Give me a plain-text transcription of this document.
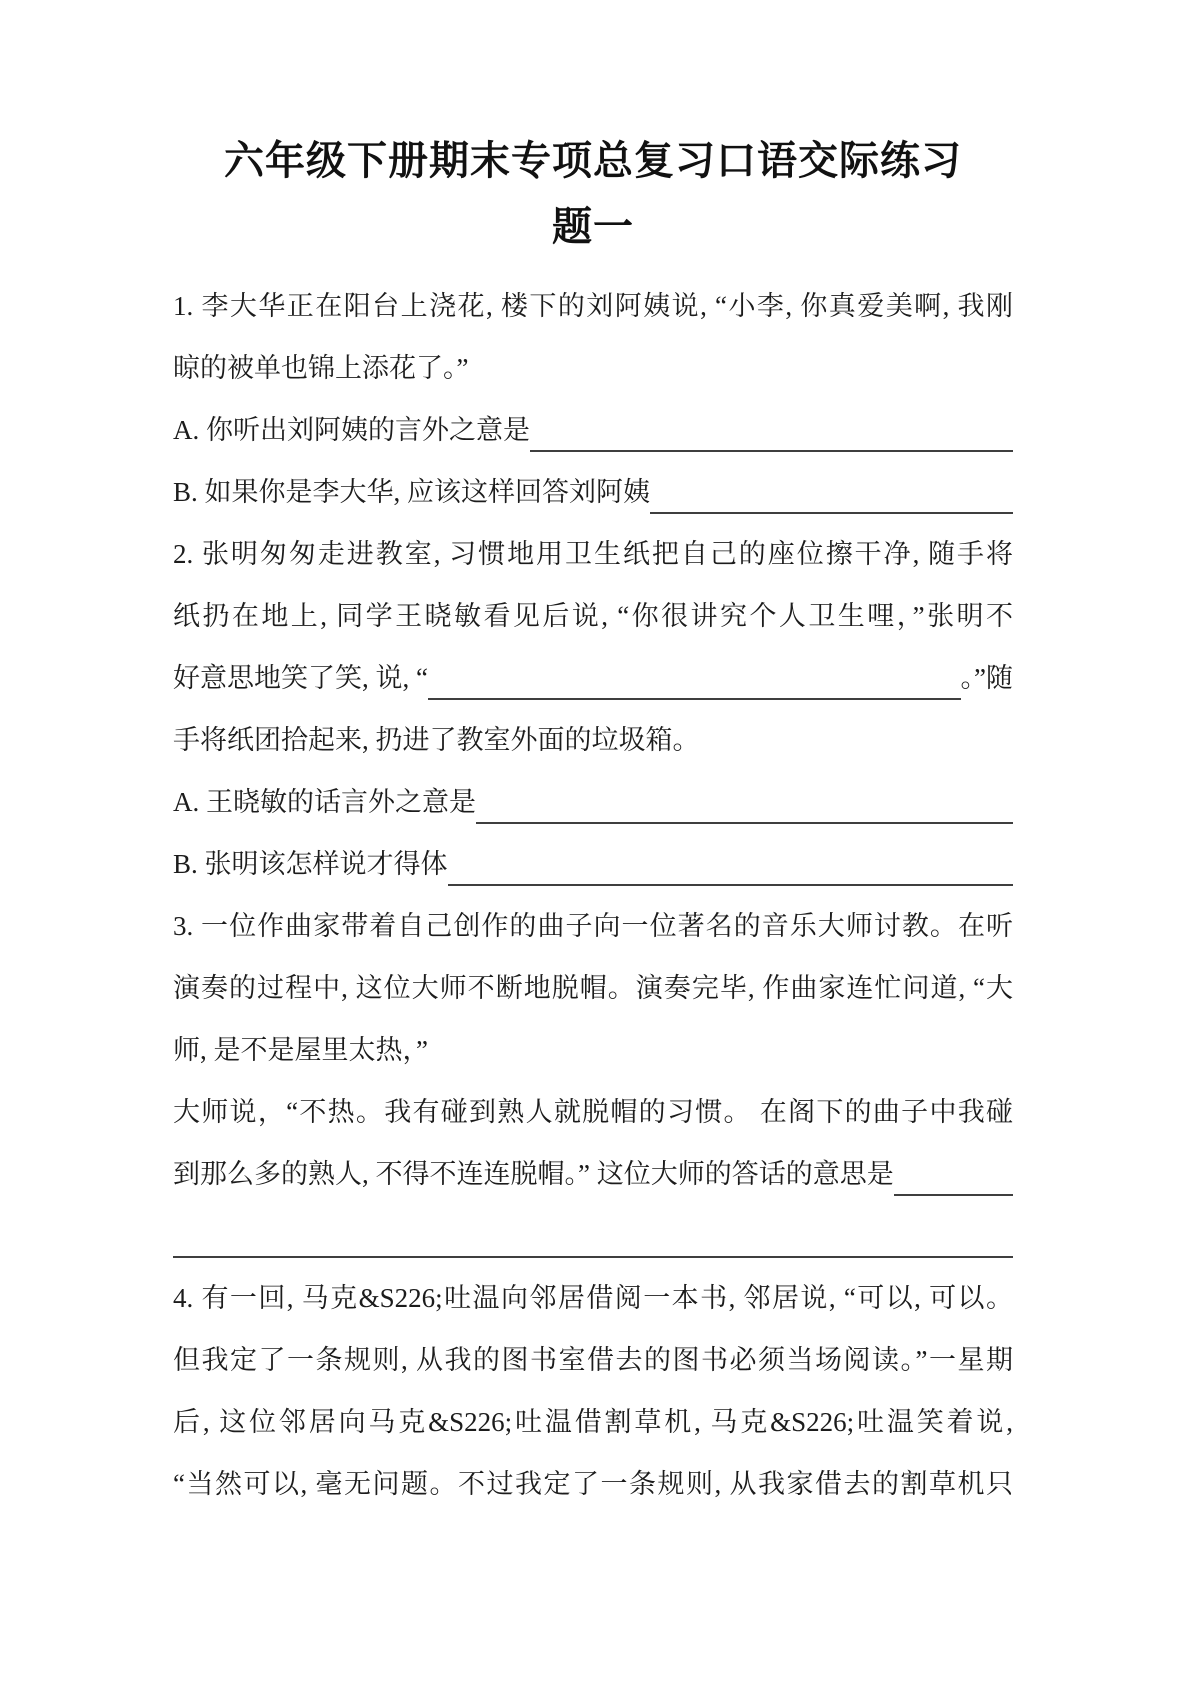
六年级下册期末专项总复习口语交际练习
题一
1. 李大华正在阳台上浇花, 楼下的刘阿姨说, “小李, 你真爱美啊, 我刚
晾的被单也锦上添花了。”
A. 你听出刘阿姨的言外之意是
B. 如果你是李大华, 应该这样回答刘阿姨
2. 张明匆匆走进教室, 习惯地用卫生纸把自己的座位擦干净, 随手将
纸扔在地上, 同学王晓敏看见后说, “你很讲究个人卫生哩，”张明不
好意思地笑了笑, 说, “	。”随
手将纸团拾起来, 扔进了教室外面的垃圾箱。
A. 王晓敏的话言外之意是
B. 张明该怎样说才得体
3. 一位作曲家带着自己创作的曲子向一位著名的音乐大师讨教。在听
演奏的过程中, 这位大师不断地脱帽。演奏完毕, 作曲家连忙问道, “大
师, 是不是屋里太热，”
大师说，“不热。我有碰到熟人就脱帽的习惯。 在阁下的曲子中我碰
到那么多的熟人, 不得不连连脱帽。” 这位大师的答话的意思是
4. 有一回, 马克&S226;吐温向邻居借阅一本书, 邻居说, “可以, 可以。
但我定了一条规则, 从我的图书室借去的图书必须当场阅读。”一星期
后, 这位邻居向马克&S226;吐温借割草机, 马克&S226;吐温笑着说,
“当然可以, 毫无问题。不过我定了一条规则, 从我家借去的割草机只
